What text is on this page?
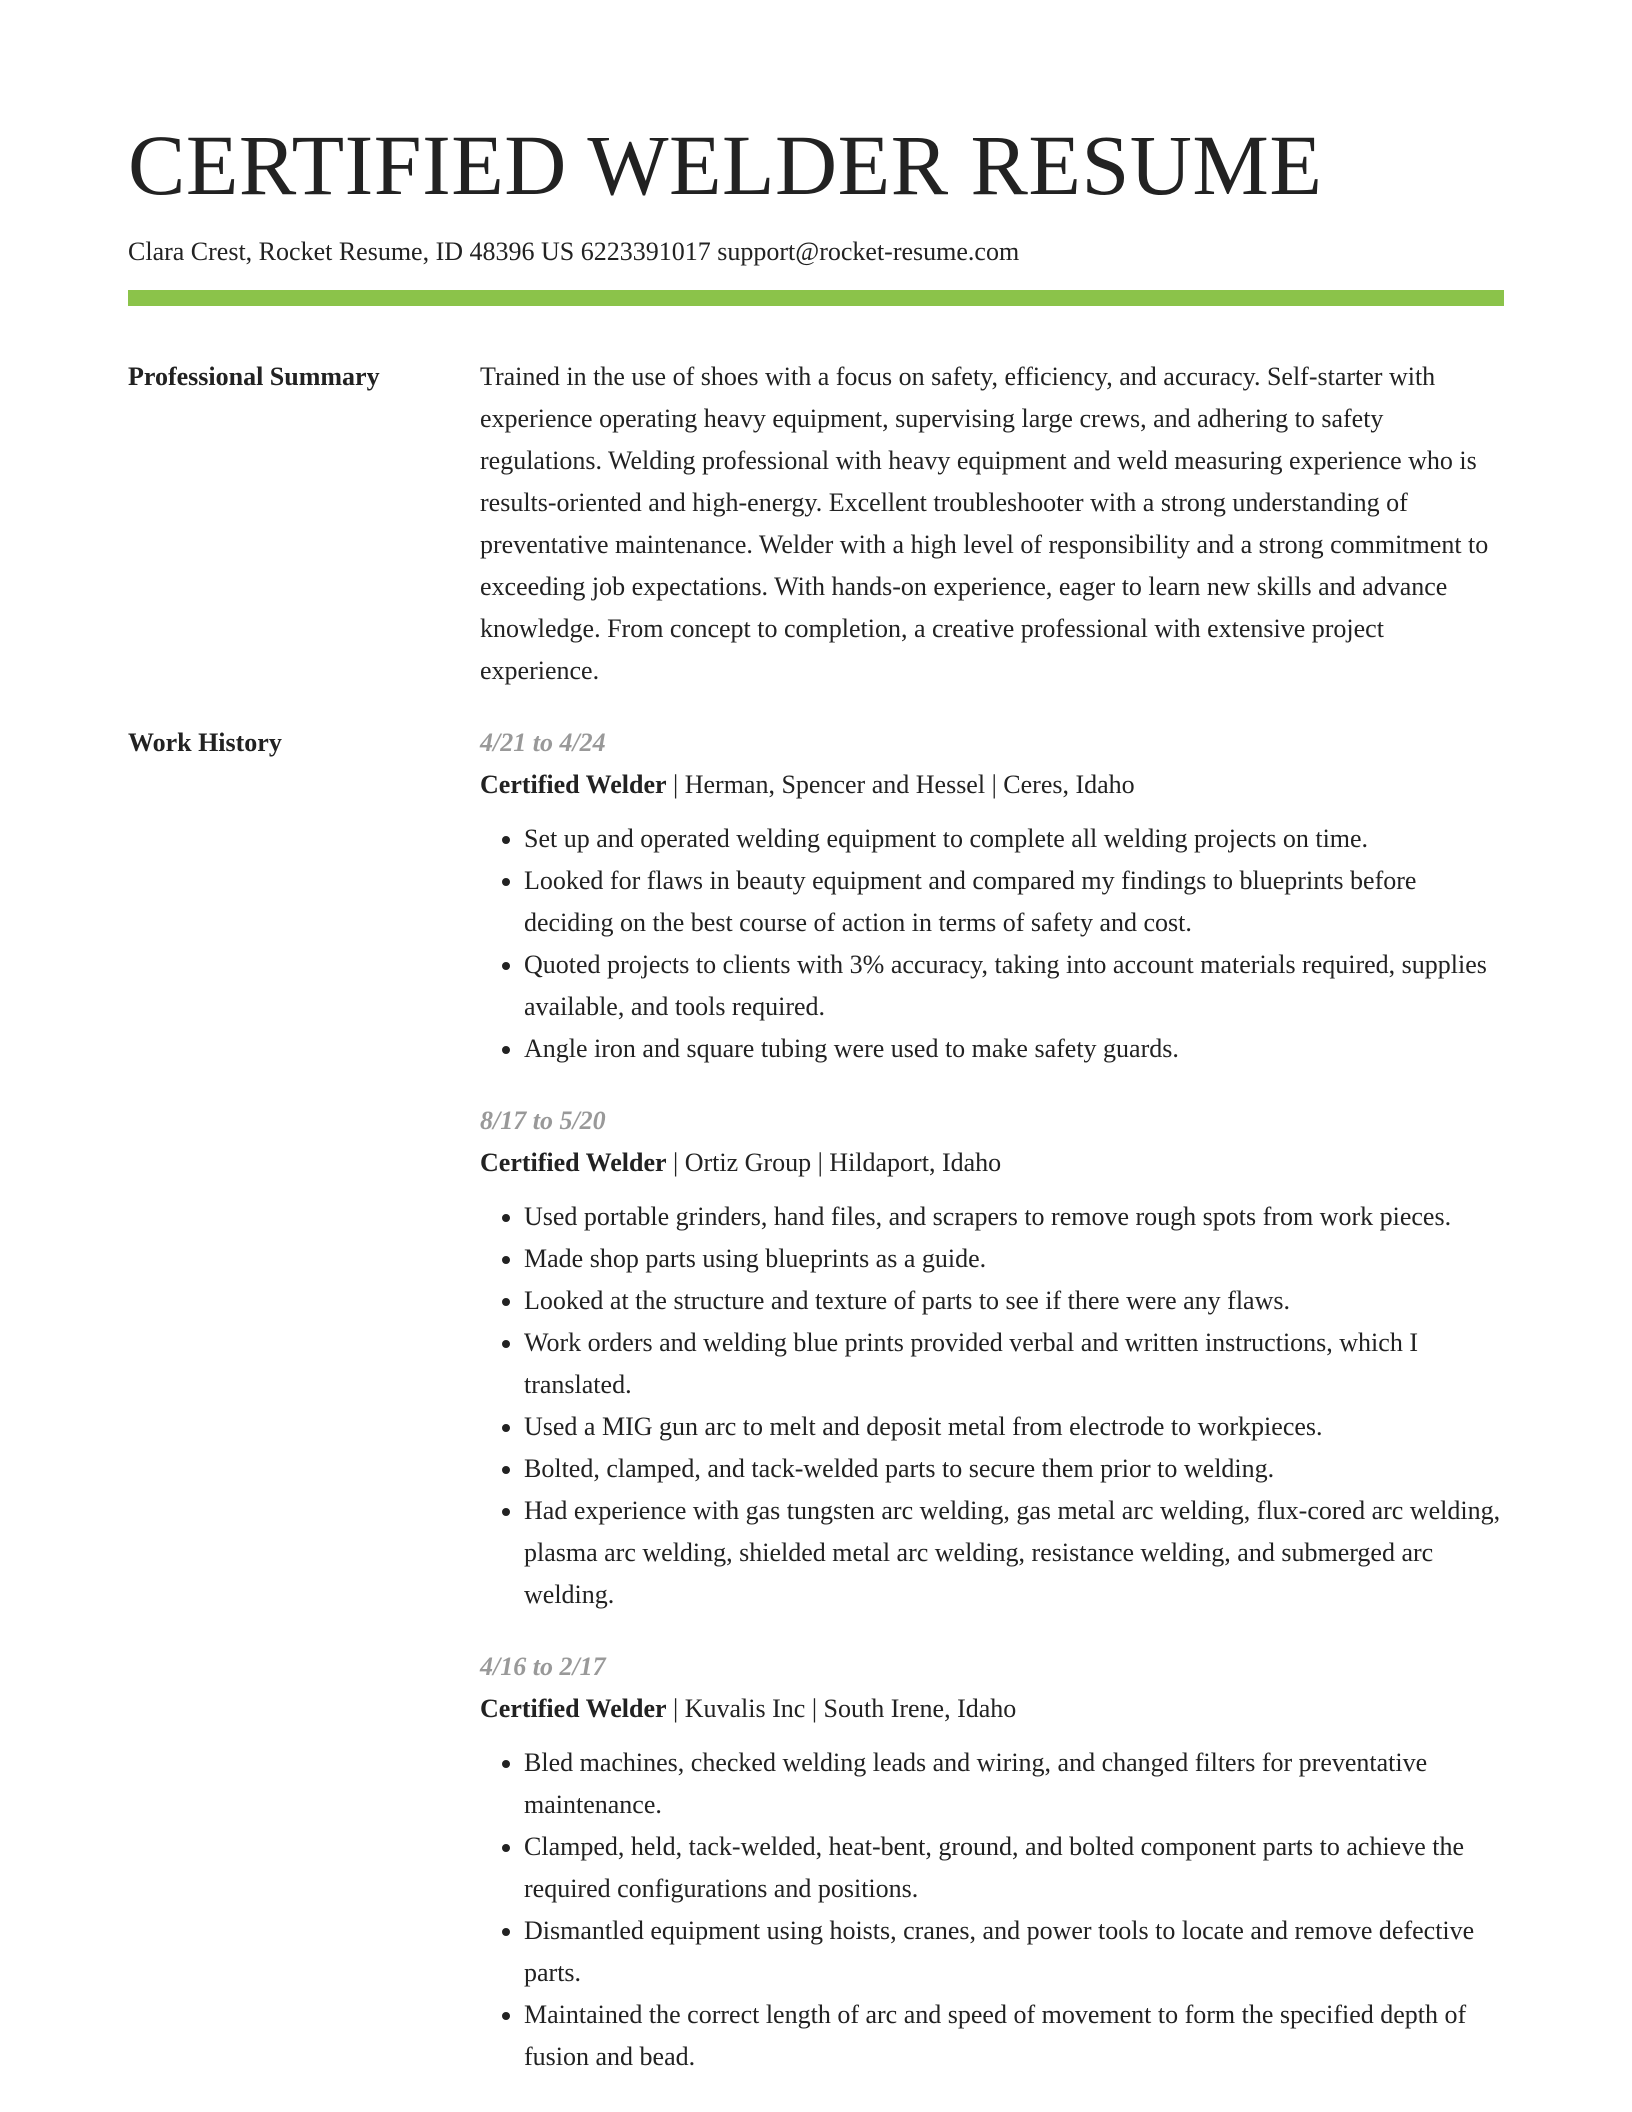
CERTIFIED WELDER RESUME
Clara Crest, Rocket Resume, ID 48396 US 6223391017 support@rocket-resume.com
Professional Summary	Trained in the use of shoes with a focus on safety, efficiency, and accuracy. Self-starter with experience operating heavy equipment, supervising large crews, and adhering to safety regulations. Welding professional with heavy equipment and weld measuring experience who is results-oriented and high-energy. Excellent troubleshooter with a strong understanding of preventative maintenance. Welder with a high level of responsibility and a strong commitment to exceeding job expectations. With hands-on experience, eager to learn new skills and advance knowledge. From concept to completion, a creative professional with extensive project experience.

Work History	4/21 to 4/24
Certified Welder | Herman, Spencer and Hessel | Ceres, Idaho
• Set up and operated welding equipment to complete all welding projects on time.
• Looked for flaws in beauty equipment and compared my findings to blueprints before deciding on the best course of action in terms of safety and cost.
• Quoted projects to clients with 3% accuracy, taking into account materials required, supplies available, and tools required.
• Angle iron and square tubing were used to make safety guards.
8/17 to 5/20
Certified Welder | Ortiz Group | Hildaport, Idaho
• Used portable grinders, hand files, and scrapers to remove rough spots from work pieces.
• Made shop parts using blueprints as a guide.
• Looked at the structure and texture of parts to see if there were any flaws.
• Work orders and welding blue prints provided verbal and written instructions, which I translated.
• Used a MIG gun arc to melt and deposit metal from electrode to workpieces.
• Bolted, clamped, and tack-welded parts to secure them prior to welding.
• Had experience with gas tungsten arc welding, gas metal arc welding, flux-cored arc welding, plasma arc welding, shielded metal arc welding, resistance welding, and submerged arc welding.
4/16 to 2/17
Certified Welder | Kuvalis Inc | South Irene, Idaho
• Bled machines, checked welding leads and wiring, and changed filters for preventative maintenance.
• Clamped, held, tack-welded, heat-bent, ground, and bolted component parts to achieve the required configurations and positions.
• Dismantled equipment using hoists, cranes, and power tools to locate and remove defective parts.
• Maintained the correct length of arc and speed of movement to form the specified depth of fusion and bead.
